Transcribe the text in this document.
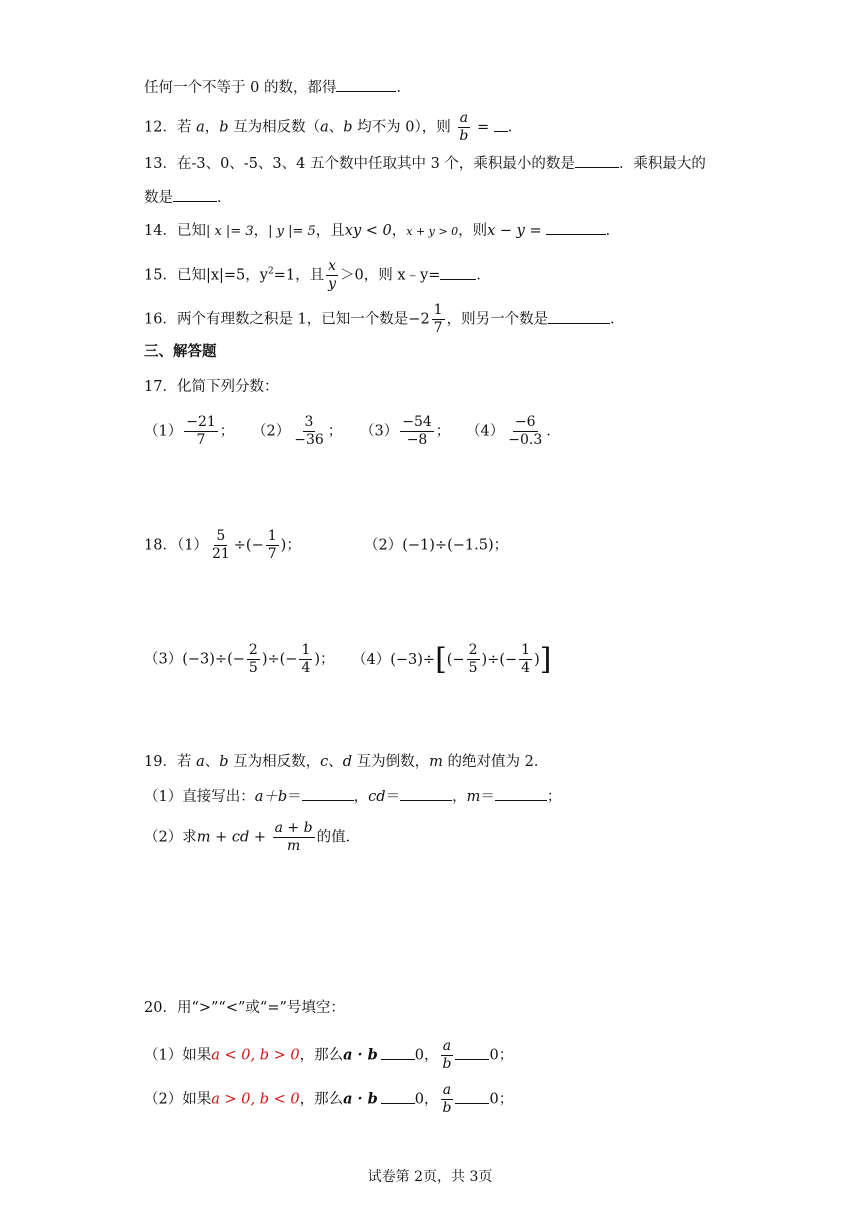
任何一个不等于 0 的数，都得	．
12．若 a，b 互为相反数（a、b 均不为 0），则 $\frac{a}{b}$ = .
13．在-3、0、-5、3、4 五个数中任取其中 3 个，乘积最小的数是	．乘积最大的
数是	．
14．已知| x |= 3，| y |= 5，且xy < 0，x + y > 0，则x − y =	．
15．已知|x|=5，$y^2=1$，且 $\frac{x}{y} >0$，则 x﹣y= ．
16．两个有理数之积是 1，已知一个数是$-2 \frac{1}{7}$ ，则另一个数是	．
三、解答题
17．化简下列分数：
$(1) \frac{-21}{7}$ ； $(2) \frac{3}{-36}$ ； $(3) \frac{-54}{-8}$ ； $(4) \frac{-6}{-0.3}$ ．
18．$(1) \frac{5}{21}$ ÷(− $\frac{1}{7}$ )；	（2）(−1)÷(−1.5)；
$(3)(-3)\div(- \frac{2}{5}$ )÷(− $\frac{1}{4}$ )； $(4)(-3)\div[(- \frac{2}{5}$ )÷(− $\frac{1}{4}$ )]
19．若 a、b 互为相反数，c、d 互为倒数，m 的绝对值为 2．
（1）直接写出：a＋b＝	，cd＝	，m＝	；
（2）求m + cd + $\frac{a + b}{m}$ 的值．
20．用“>”“<”或“=”号填空：
（1）如果a < 0, b > 0，那么a · b	0， $\frac{a}{b} 0$；
（2）如果a > 0, b < 0，那么a · b	0， $\frac{a}{b} 0$；
试卷第 2页，共 3页
